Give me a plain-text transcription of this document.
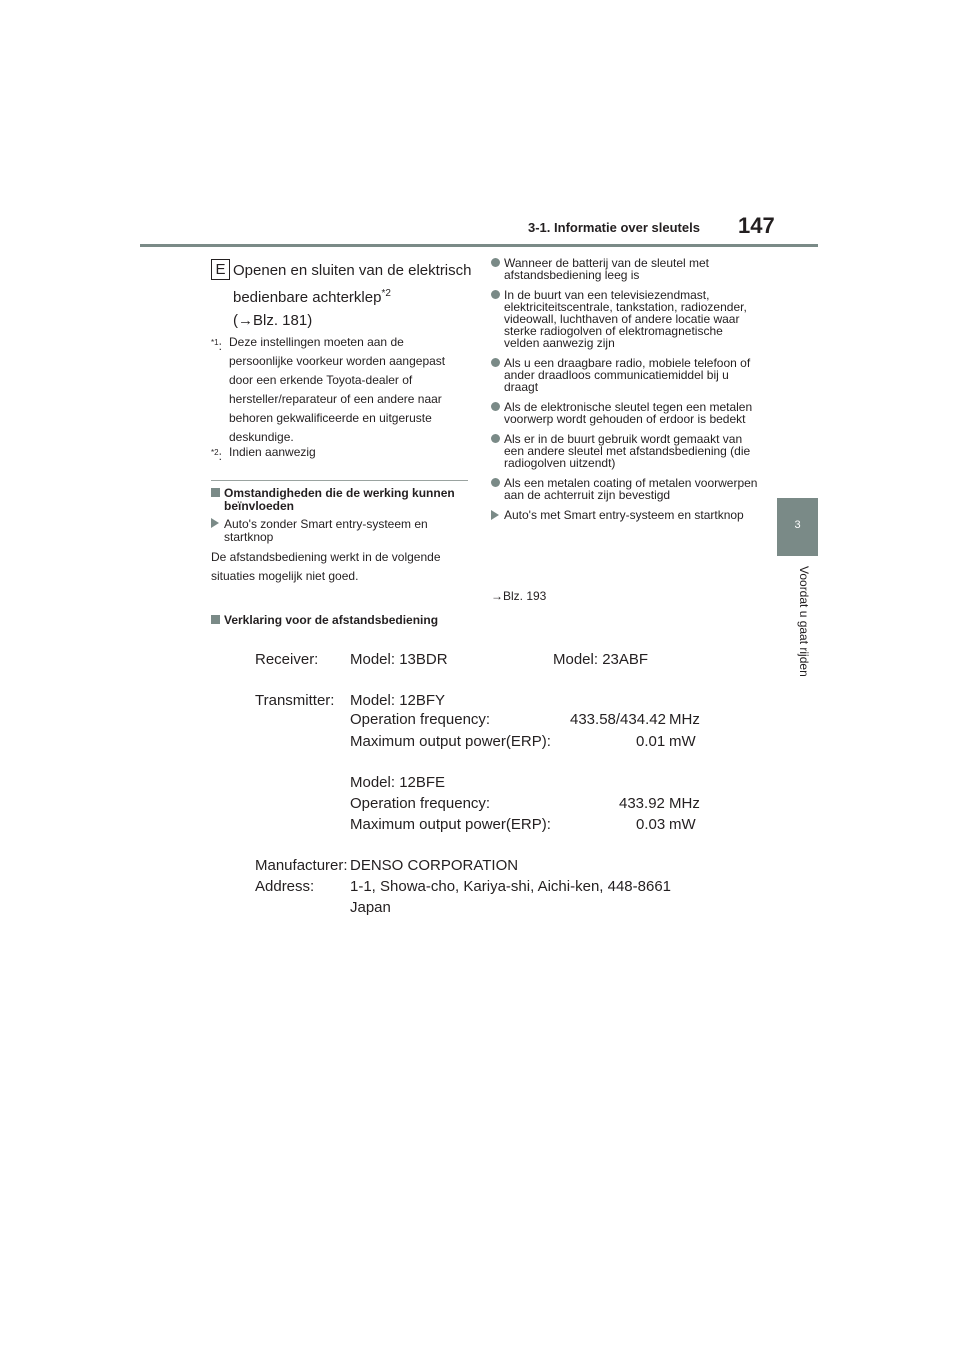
3-1. Informatie over sleutels 147
3
Voordat u gaat rijden
E Openen en sluiten van de elektrisch
bedienbare achterklep$^{*2}$
(→Blz. 181)
$^{*1}$: Deze instellingen moeten aan de persoonlijke voorkeur worden aangepast door een erkende Toyota-dealer of hersteller/reparateur of een andere naar behoren gekwalificeerde en uitgeruste deskundige.
$^{*2}$: Indien aanwezig
Omstandigheden die de werking kunnen beïnvloeden
Auto's zonder Smart entry-systeem en startknop
De afstandsbediening werkt in de volgende situaties mogelijk niet goed.
Verklaring voor de afstandsbediening
Wanneer de batterij van de sleutel met afstandsbediening leeg is
In de buurt van een televisiezendmast, elektriciteitscentrale, tankstation, radiozender, videowall, luchthaven of andere locatie waar sterke radiogolven of elektromagnetische velden aanwezig zijn
Als u een draagbare radio, mobiele telefoon of ander draadloos communicatiemiddel bij u draagt
Als de elektronische sleutel tegen een metalen voorwerp wordt gehouden of erdoor is bedekt
Als er in de buurt gebruik wordt gemaakt van een andere sleutel met afstandsbediening (die radiogolven uitzendt)
Als een metalen coating of metalen voorwerpen aan de achterruit zijn bevestigd
Auto's met Smart entry-systeem en startknop
→Blz. 193
Receiver: Model: 13BDR	Model: 23ABF
Transmitter: Model: 12BFY
Operation frequency:	433.58/434.42 MHz
Maximum output power(ERP):	0.01 mW
Model: 12BFE
Operation frequency:	433.92 MHz
Maximum output power(ERP):	0.03 mW
Manufacturer: DENSO CORPORATION
Address: 1-1, Showa-cho, Kariya-shi, Aichi-ken, 448-8661
Japan
